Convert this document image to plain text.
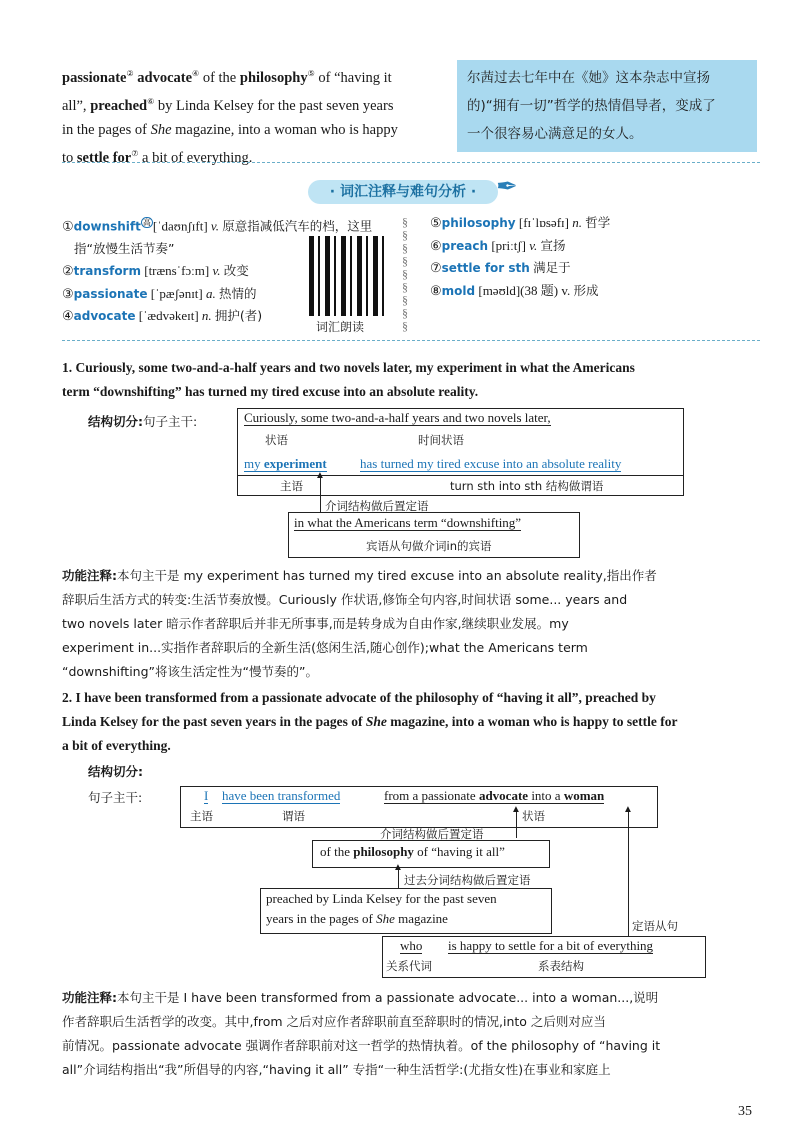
passionate② advocate④ of the philosophy⑤ of “having it
all”, preached⑥ by Linda Kelsey for the past seven years
in the pages of She magazine, into a woman who is happy
to settle for⑦ a bit of everything.
尔茜过去七年中在《她》这本杂志中宣扬
的)“拥有一切”哲学的热情倡导者，变成了
一个很容易心满意足的女人。
· 词汇注释与难句分析 · ✒
①downshift $^高$ [ˈdaʊnʃɪft] v. 原意指减低汽车的档，这里
指“放慢生活节奏”
②transform [trænsˈfɔːm] v. 改变
③passionate [ˈpæʃənɪt] a. 热情的
④advocate [ˈædvəkeɪt] n. 拥护(者)
词汇朗读
§
§
§
§
§
§
§
§
§
⑤philosophy [fɪˈlɒsəfɪ] n. 哲学
⑥preach [priːtʃ] v. 宣扬
⑦settle for sth 满足于
⑧mold [məʊld](38 题) v. 形成
1. Curiously, some two-and-a-half years and two novels later, my experiment in what the Americans
term “downshifting” has turned my tired excuse into an absolute reality.
结构切分:句子主干:	Curiously, some two-and-a-half years and two novels later,
状语	时间状语
my experiment	has turned my tired excuse into an absolute reality
主语	turn sth into sth 结构做谓语
▲
介词结构做后置定语
in what the Americans term “downshifting”
宾语从句做介词in的宾语
功能注释:本句主干是 my experiment has turned my tired excuse into an absolute reality,指出作者
辞职后生活方式的转变:生活节奏放慢。Curiously 作状语,修饰全句内容,时间状语 some... years and
two novels later 暗示作者辞职后并非无所事事,而是转身成为自由作家,继续职业发展。my
experiment in...实指作者辞职后的全新生活(悠闲生活,随心创作);what the Americans term
“downshifting”将该生活定性为“慢节奏的”。
2. I have been transformed from a passionate advocate of the philosophy of “having it all”, preached by
Linda Kelsey for the past seven years in the pages of She magazine, into a woman who is happy to settle for
a bit of everything.
结构切分:
句子主干:	I have been transformed	from a passionate advocate into a woman
主语	谓语	状语
▲
介词结构做后置定语
of the philosophy of “having it all”
▲
过去分词结构做后置定语
preached by Linda Kelsey for the past seven
years in the pages of She magazine
▲
定语从句
who is happy to settle for a bit of everything
关系代词	系表结构
功能注释:本句主干是 I have been transformed from a passionate advocate... into a woman...,说明
作者辞职后生活哲学的改变。其中,from 之后对应作者辞职前直至辞职时的情况,into 之后则对应当
前情况。passionate advocate 强调作者辞职前对这一哲学的热情执着。of the philosophy of “having it
all”介词结构指出“我”所倡导的内容,“having it all” 专指“一种生活哲学:(尤指女性)在事业和家庭上
35
